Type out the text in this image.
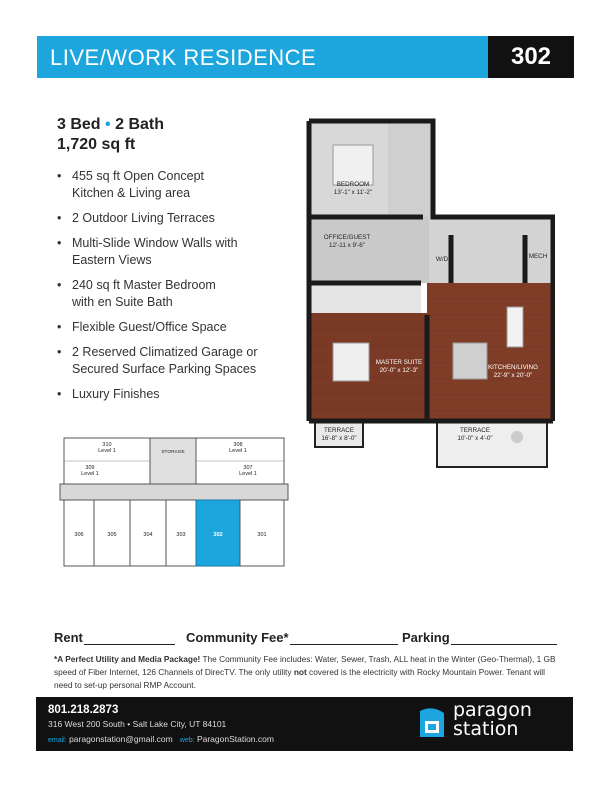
LIVE/WORK RESIDENCE	302
3 Bed • 2 Bath
1,720 sq ft
• 455 sq ft Open Concept
Kitchen & Living area
• 2 Outdoor Living Terraces
• Multi-Slide Window Walls with
Eastern Views
• 240 sq ft Master Bedroom
with en Suite Bath
• Flexible Guest/Office Space
• 2 Reserved Climatized Garage or
Secured Surface Parking Spaces
• Luxury Finishes
BEDROOM
13'-1" x 11'-2"
OFFICE/GUEST
12'-11 x 9'-6"
W/D	MECH
MASTER SUITE
20'-0" x 12'-3"	KITCHEN/LIVING
22'-9" x 20'-0"
TERRACE
16'-8" x 8'-0"
TERRACE
10'-0" x 4'-0"
310
Level 1
309
Level 1
308
Level 1
307
Level 1
STORAGE
306	305	304	303	302	301
Rent	Community Fee*	Parking

*A Perfect Utility and Media Package! The Community Fee includes: Water, Sewer, Trash, ALL heat in the Winter (Geo-Thermal), 1 GB speed of Fiber Internet, 126 Channels of DirecTV. The only utility not covered is the electricity with Rocky Mountain Power. Tenant will need to set-up personal RMP Account.

801.218.2873
316 West 200 South • Salt Lake City, UT 84101
email: paragonstation@gmail.com web: ParagonStation.com
paragon
station
